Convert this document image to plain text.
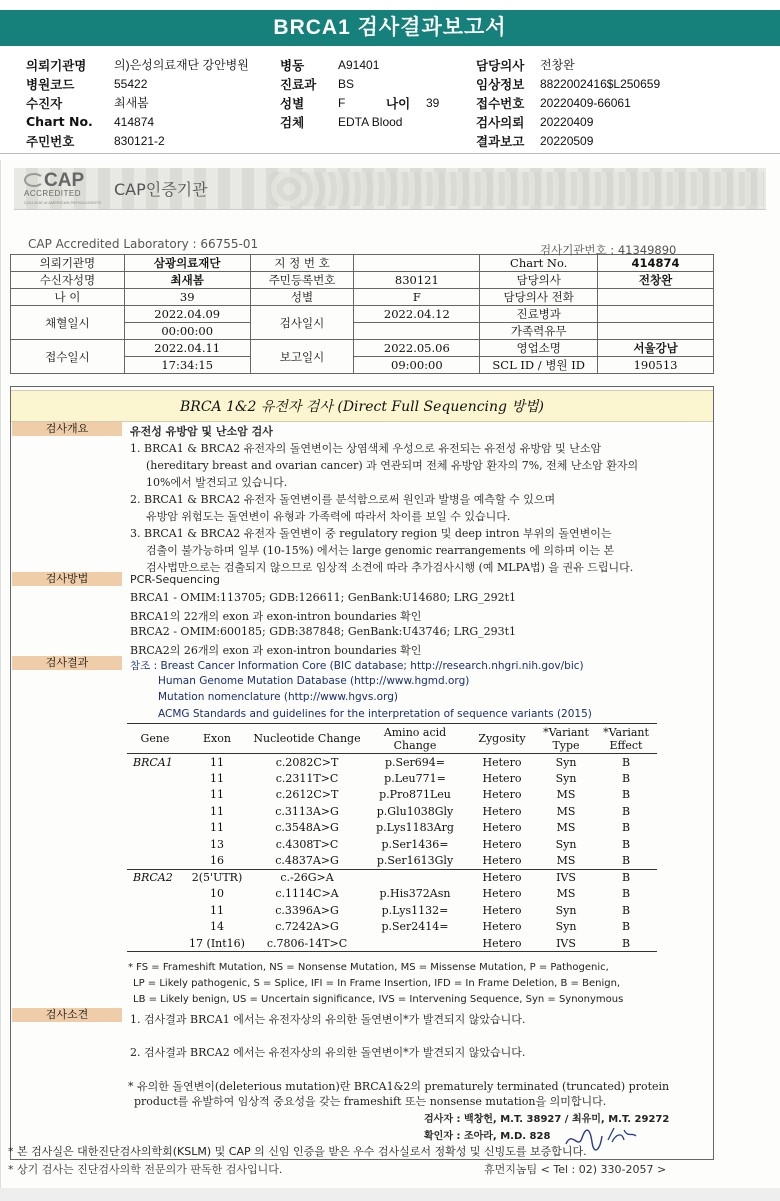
BRCA1 검사결과보고서
의뢰기관명	의)은성의료재단 강안병원
병원코드	55422
수진자	최새봄
Chart No.	414874
주민번호	830121-2
병동	A91401
진료과	BS
성별	F	나이	39
검체	EDTA Blood
담당의사	전창완
임상정보	8822002416$L250659
접수번호	20220409-66061
검사의뢰	20220409
결과보고	20220509
CAP
ACCREDITED
COLLEGE of AMERICAN PATHOLOGISTS
CAP인증기관
CAP Accredited Laboratory : 66755-01	검사기관번호 : 41349890
의뢰기관명	삼광의료재단	지 정 번 호		Chart No.	414874
수신자성명	최새봄	주민등록번호	830121	담당의사	전창완
나 이	39	성별	F	담당의사 전화	
채혈일시	2022.04.09	검사일시	2022.04.12	진료병과	
	00:00:00			가족력유무	
접수일시	2022.04.11	보고일시	2022.05.06	영업소명	서울강남
	17:34:15		09:00:00	SCL ID / 병원 ID	190513
BRCA 1&2 유전자 검사 (Direct Full Sequencing 방법)
검사개요	유전성 유방암 및 난소암 검사
1. BRCA1 & BRCA2 유전자의 돌연변이는 상염색체 우성으로 유전되는 유전성 유방암 및 난소암
(hereditary breast and ovarian cancer) 과 연관되며 전체 유방암 환자의 7%, 전체 난소암 환자의
10%에서 발견되고 있습니다.
2. BRCA1 & BRCA2 유전자 돌연변이를 분석함으로써 원인과 발병을 예측할 수 있으며
유방암 위험도는 돌연변이 유형과 가족력에 따라서 차이를 보일 수 있습니다.
3. BRCA1 & BRCA2 유전자 돌연변이 중 regulatory region 및 deep intron 부위의 돌연변이는
검출이 불가능하며 일부 (10-15%) 에서는 large genomic rearrangements 에 의하며 이는 본
검사법만으로는 검출되지 않으므로 임상적 소견에 따라 추가검사시행 (예 MLPA법) 을 권유 드립니다.
검사방법	PCR-Sequencing
BRCA1 - OMIM:113705; GDB:126611; GenBank:U14680; LRG_292t1
BRCA1의 22개의 exon 과 exon-intron boundaries 확인
BRCA2 - OMIM:600185; GDB:387848; GenBank:U43746; LRG_293t1
BRCA2의 26개의 exon 과 exon-intron boundaries 확인
검사결과	참조 : Breast Cancer Information Core (BIC database; http://research.nhgri.nih.gov/bic)
Human Genome Mutation Database (http://www.hgmd.org)
Mutation nomenclature (http://www.hgvs.org)
ACMG Standards and guidelines for the interpretation of sequence variants (2015)
Gene	Exon	Nucleotide Change	Amino acid Change	Zygosity	*Variant Type	*Variant Effect
BRCA1	11	c.2082C>T	p.Ser694=	Hetero	Syn	B
	11	c.2311T>C	p.Leu771=	Hetero	Syn	B
	11	c.2612C>T	p.Pro871Leu	Hetero	MS	B
	11	c.3113A>G	p.Glu1038Gly	Hetero	MS	B
	11	c.3548A>G	p.Lys1183Arg	Hetero	MS	B
	13	c.4308T>C	p.Ser1436=	Hetero	Syn	B
	16	c.4837A>G	p.Ser1613Gly	Hetero	MS	B
BRCA2	2(5'UTR)	c.-26G>A		Hetero	IVS	B
	10	c.1114C>A	p.His372Asn	Hetero	MS	B
	11	c.3396A>G	p.Lys1132=	Hetero	Syn	B
	14	c.7242A>G	p.Ser2414=	Hetero	Syn	B
	17 (Int16)	c.7806-14T>C		Hetero	IVS	B
* FS = Frameshift Mutation, NS = Nonsense Mutation, MS = Missense Mutation, P = Pathogenic,
LP = Likely pathogenic, S = Splice, IFI = In Frame Insertion, IFD = In Frame Deletion, B = Benign,
LB = Likely benign, US = Uncertain significance, IVS = Intervening Sequence, Syn = Synonymous
검사소견	1. 검사결과 BRCA1 에서는 유전자상의 유의한 돌연변이*가 발견되지 않았습니다.
2. 검사결과 BRCA2 에서는 유전자상의 유의한 돌연변이*가 발견되지 않았습니다.
* 유의한 돌연변이(deleterious mutation)란 BRCA1&2의 prematurely terminated (truncated) protein
product를 유발하여 임상적 중요성을 갖는 frameshift 또는 nonsense mutation을 의미합니다.
검사자 : 백창헌, M.T. 38927 / 최유미, M.T. 29272
확인자 : 조아라, M.D. 828
* 본 검사실은 대한진단검사의학회(KSLM) 및 CAP 의 신임 인증을 받은 우수 검사실로서 정확성 및 신빙도를 보증합니다.
* 상기 검사는 진단검사의학 전문의가 판독한 검사입니다.	휴먼지놈팀 < Tel : 02) 330-2057 >
